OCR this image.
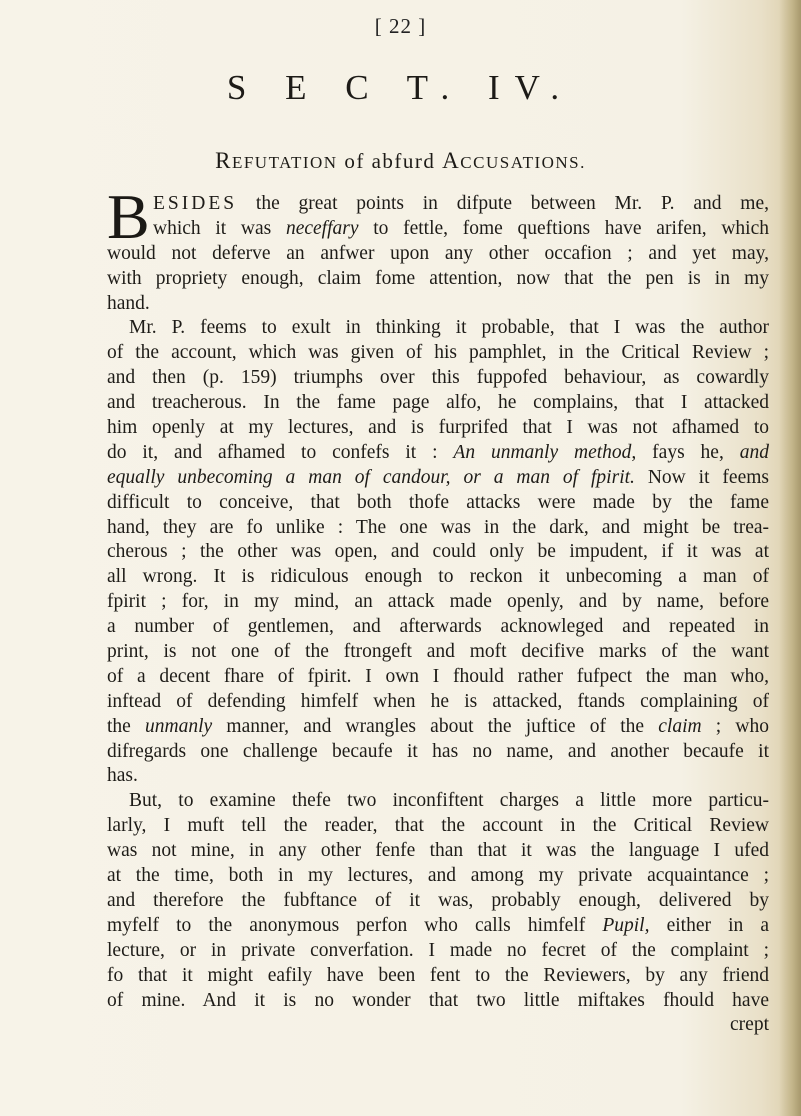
[ 22 ]
S E C T. IV.
REFUTATION of abfurd ACCUSATIONS.
B ESIDES the great points in difpute between Mr. P. and me,
which it was neceffary to fettle, fome queftions have arifen, which
would not deferve an anfwer upon any other occafion ; and yet may,
with propriety enough, claim fome attention, now that the pen is in my
hand.
Mr. P. feems to exult in thinking it probable, that I was the author
of the account, which was given of his pamphlet, in the Critical Review ;
and then (p. 159) triumphs over this fuppofed behaviour, as cowardly
and treacherous. In the fame page alfo, he complains, that I attacked
him openly at my lectures, and is furprifed that I was not afhamed to
do it, and afhamed to confefs it : An unmanly method, fays he, and
equally unbecoming a man of candour, or a man of fpirit. Now it feems
difficult to conceive, that both thofe attacks were made by the fame
hand, they are fo unlike : The one was in the dark, and might be trea-
cherous ; the other was open, and could only be impudent, if it was at
all wrong. It is ridiculous enough to reckon it unbecoming a man of
fpirit ; for, in my mind, an attack made openly, and by name, before
a number of gentlemen, and afterwards acknowleged and repeated in
print, is not one of the ftrongeft and moft decifive marks of the want
of a decent fhare of fpirit. I own I fhould rather fufpect the man who,
inftead of defending himfelf when he is attacked, ftands complaining of
the unmanly manner, and wrangles about the juftice of the claim ; who
difregards one challenge becaufe it has no name, and another becaufe it
has.
But, to examine thefe two inconfiftent charges a little more particu-
larly, I muft tell the reader, that the account in the Critical Review
was not mine, in any other fenfe than that it was the language I ufed
at the time, both in my lectures, and among my private acquaintance ;
and therefore the fubftance of it was, probably enough, delivered by
myfelf to the anonymous perfon who calls himfelf Pupil, either in a
lecture, or in private converfation. I made no fecret of the complaint ;
fo that it might eafily have been fent to the Reviewers, by any friend
of mine. And it is no wonder that two little miftakes fhould have
crept
